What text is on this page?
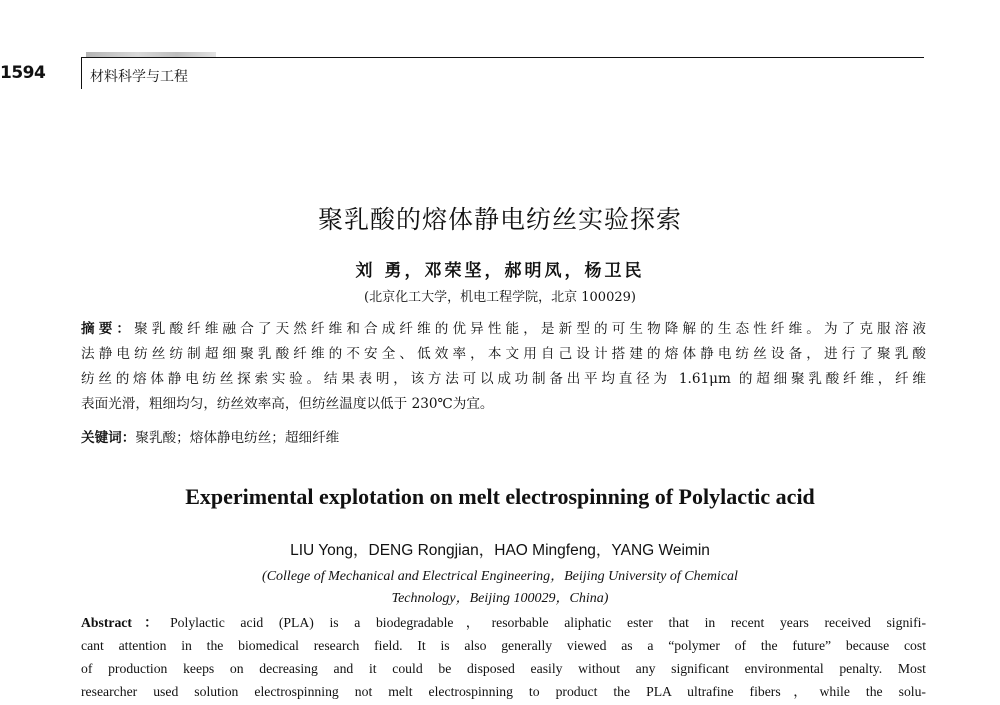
1594	材料科学与工程
聚乳酸的熔体静电纺丝实验探索
刘 勇，邓荣坚，郝明凤，杨卫民
(北京化工大学，机电工程学院，北京 100029)
摘要：聚乳酸纤维融合了天然纤维和合成纤维的优异性能，是新型的可生物降解的生态性纤维。为了克服溶液
法静电纺丝纺制超细聚乳酸纤维的不安全、低效率，本文用自己设计搭建的熔体静电纺丝设备，进行了聚乳酸
纺丝的熔体静电纺丝探索实验。结果表明，该方法可以成功制备出平均直径为 1.61μm 的超细聚乳酸纤维，纤维
表面光滑，粗细均匀，纺丝效率高，但纺丝温度以低于 230℃为宜。
关键词：聚乳酸；熔体静电纺丝；超细纤维
Experimental explotation on melt electrospinning of Polylactic acid
LIU Yong，DENG Rongjian，HAO Mingfeng，YANG Weimin
(College of Mechanical and Electrical Engineering，Beijing University of Chemical
Technology，Beijing 100029，China)
Abstract：Polylactic acid (PLA) is a biodegradable，resorbable aliphatic ester that in recent years received signifi-
cant attention in the biomedical research field. It is also generally viewed as a “polymer of the future” because cost
of production keeps on decreasing and it could be disposed easily without any significant environmental penalty. Most
researcher used solution electrospinning not melt electrospinning to product the PLA ultrafine fibers，while the solu-
